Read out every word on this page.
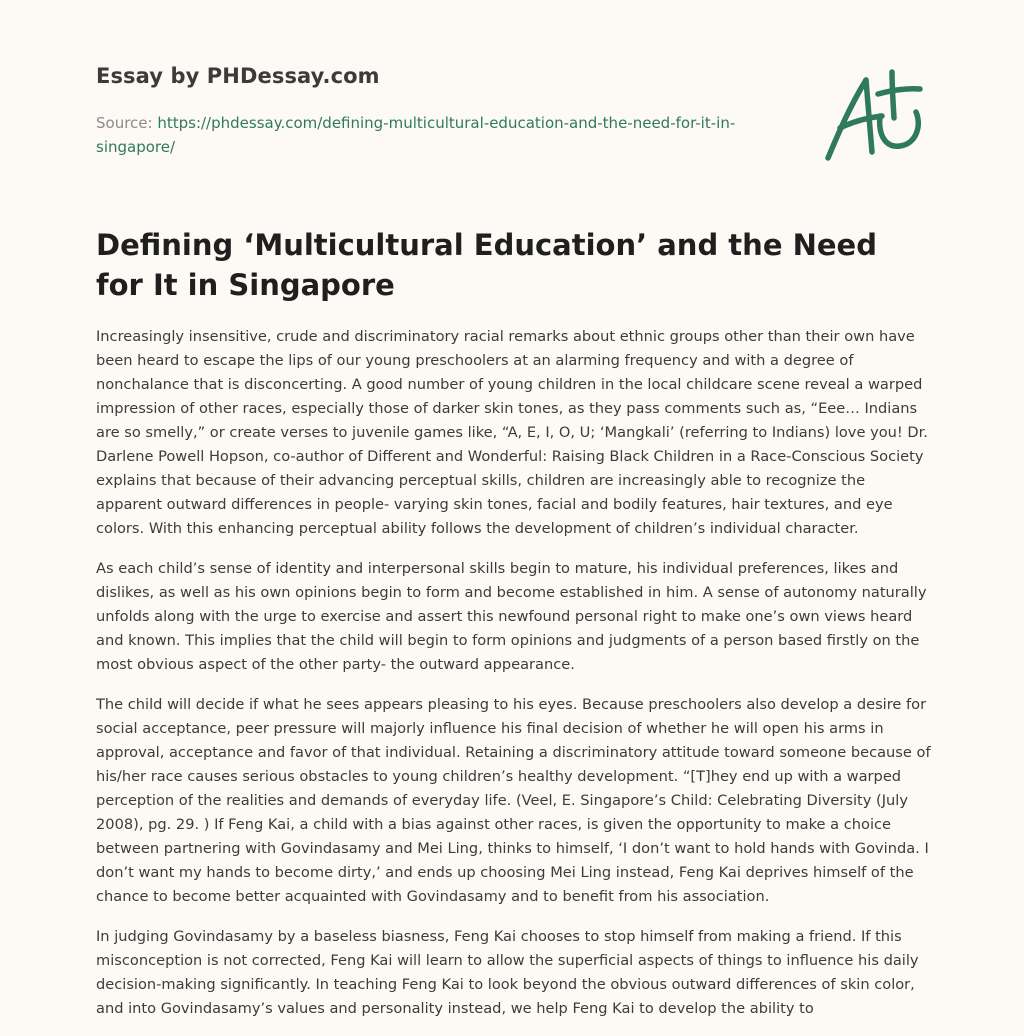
Essay by PHDessay.com
Source: https://phdessay.com/defining-multicultural-education-and-the-need-for-it-in-singapore/
Defining ‘Multicultural Education’ and the Need for It in Singapore

Increasingly insensitive, crude and discriminatory racial remarks about ethnic groups other than their own have been heard to escape the lips of our young preschoolers at an alarming frequency and with a degree of nonchalance that is disconcerting. A good number of young children in the local childcare scene reveal a warped impression of other races, especially those of darker skin tones, as they pass comments such as, “Eee… Indians are so smelly,” or create verses to juvenile games like, “A, E, I, O, U; ‘Mangkali’ (referring to Indians) love you! Dr. Darlene Powell Hopson, co-author of Different and Wonderful: Raising Black Children in a Race-Conscious Society explains that because of their advancing perceptual skills, children are increasingly able to recognize the apparent outward differences in people- varying skin tones, facial and bodily features, hair textures, and eye colors. With this enhancing perceptual ability follows the development of children’s individual character.

As each child’s sense of identity and interpersonal skills begin to mature, his individual preferences, likes and dislikes, as well as his own opinions begin to form and become established in him. A sense of autonomy naturally unfolds along with the urge to exercise and assert this newfound personal right to make one’s own views heard and known. This implies that the child will begin to form opinions and judgments of a person based firstly on the most obvious aspect of the other party- the outward appearance.

The child will decide if what he sees appears pleasing to his eyes. Because preschoolers also develop a desire for social acceptance, peer pressure will majorly influence his final decision of whether he will open his arms in approval, acceptance and favor of that individual. Retaining a discriminatory attitude toward someone because of his/her race causes serious obstacles to young children’s healthy development. “[T]hey end up with a warped perception of the realities and demands of everyday life. (Veel, E. Singapore’s Child: Celebrating Diversity (July 2008), pg. 29. ) If Feng Kai, a child with a bias against other races, is given the opportunity to make a choice between partnering with Govindasamy and Mei Ling, thinks to himself, ‘I don’t want to hold hands with Govinda. I don’t want my hands to become dirty,’ and ends up choosing Mei Ling instead, Feng Kai deprives himself of the chance to become better acquainted with Govindasamy and to benefit from his association.

In judging Govindasamy by a baseless biasness, Feng Kai chooses to stop himself from making a friend. If this misconception is not corrected, Feng Kai will learn to allow the superficial aspects of things to influence his daily decision-making significantly. In teaching Feng Kai to look beyond the obvious outward differences of skin color, and into Govindasamy’s values and personality instead, we help Feng Kai to develop the ability to
